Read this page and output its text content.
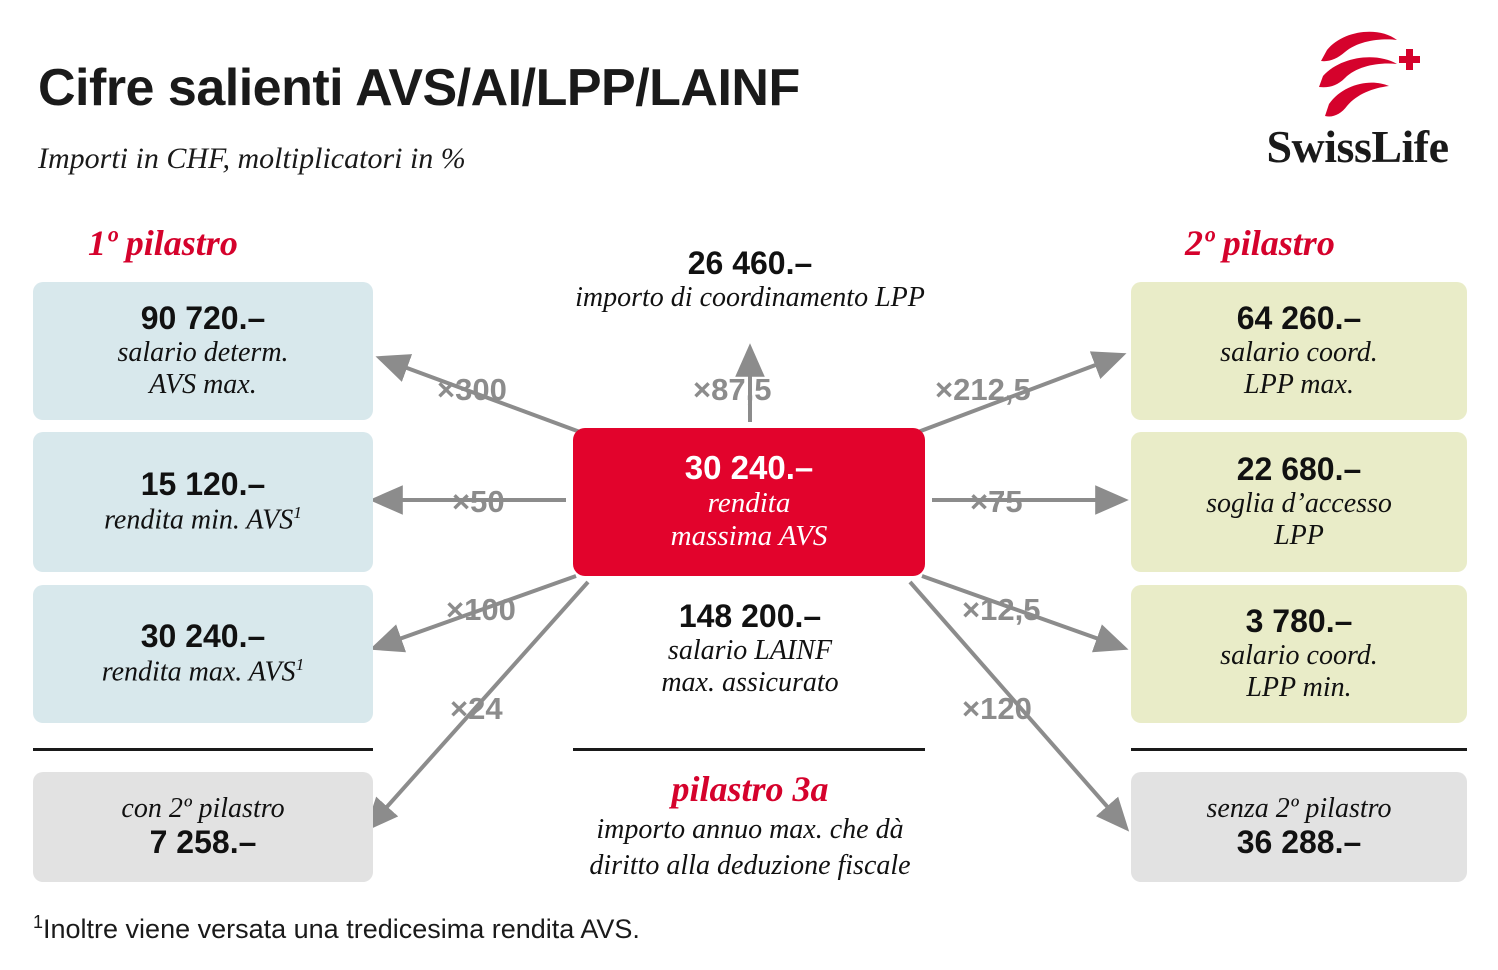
Cifre salienti AVS/AI/LPP/LAINF
Importi in CHF, moltiplicatori in %	SwissLife
1º pilastro	2º pilastro
90 720.–
salario determ.
AVS max.
15 120.–
rendita min. AVS$^1$
30 240.–
rendita max. AVS$^1$
con 2º pilastro
7 258.–
64 260.–
salario coord.
LPP max.
22 680.–
soglia d’accesso
LPP
3 780.–
salario coord.
LPP min.
senza 2º pilastro
36 288.–
30 240.–
rendita
massima AVS
26 460.–
importo di coordinamento LPP
148 200.–
salario LAINF
max. assicurato
pilastro 3a
importo annuo max. che dà
diritto alla deduzione fiscale
×300	×87,5	×212,5
×50	×75
×100	×12,5
×24	×120
$^1$Inoltre viene versata una tredicesima rendita AVS.
